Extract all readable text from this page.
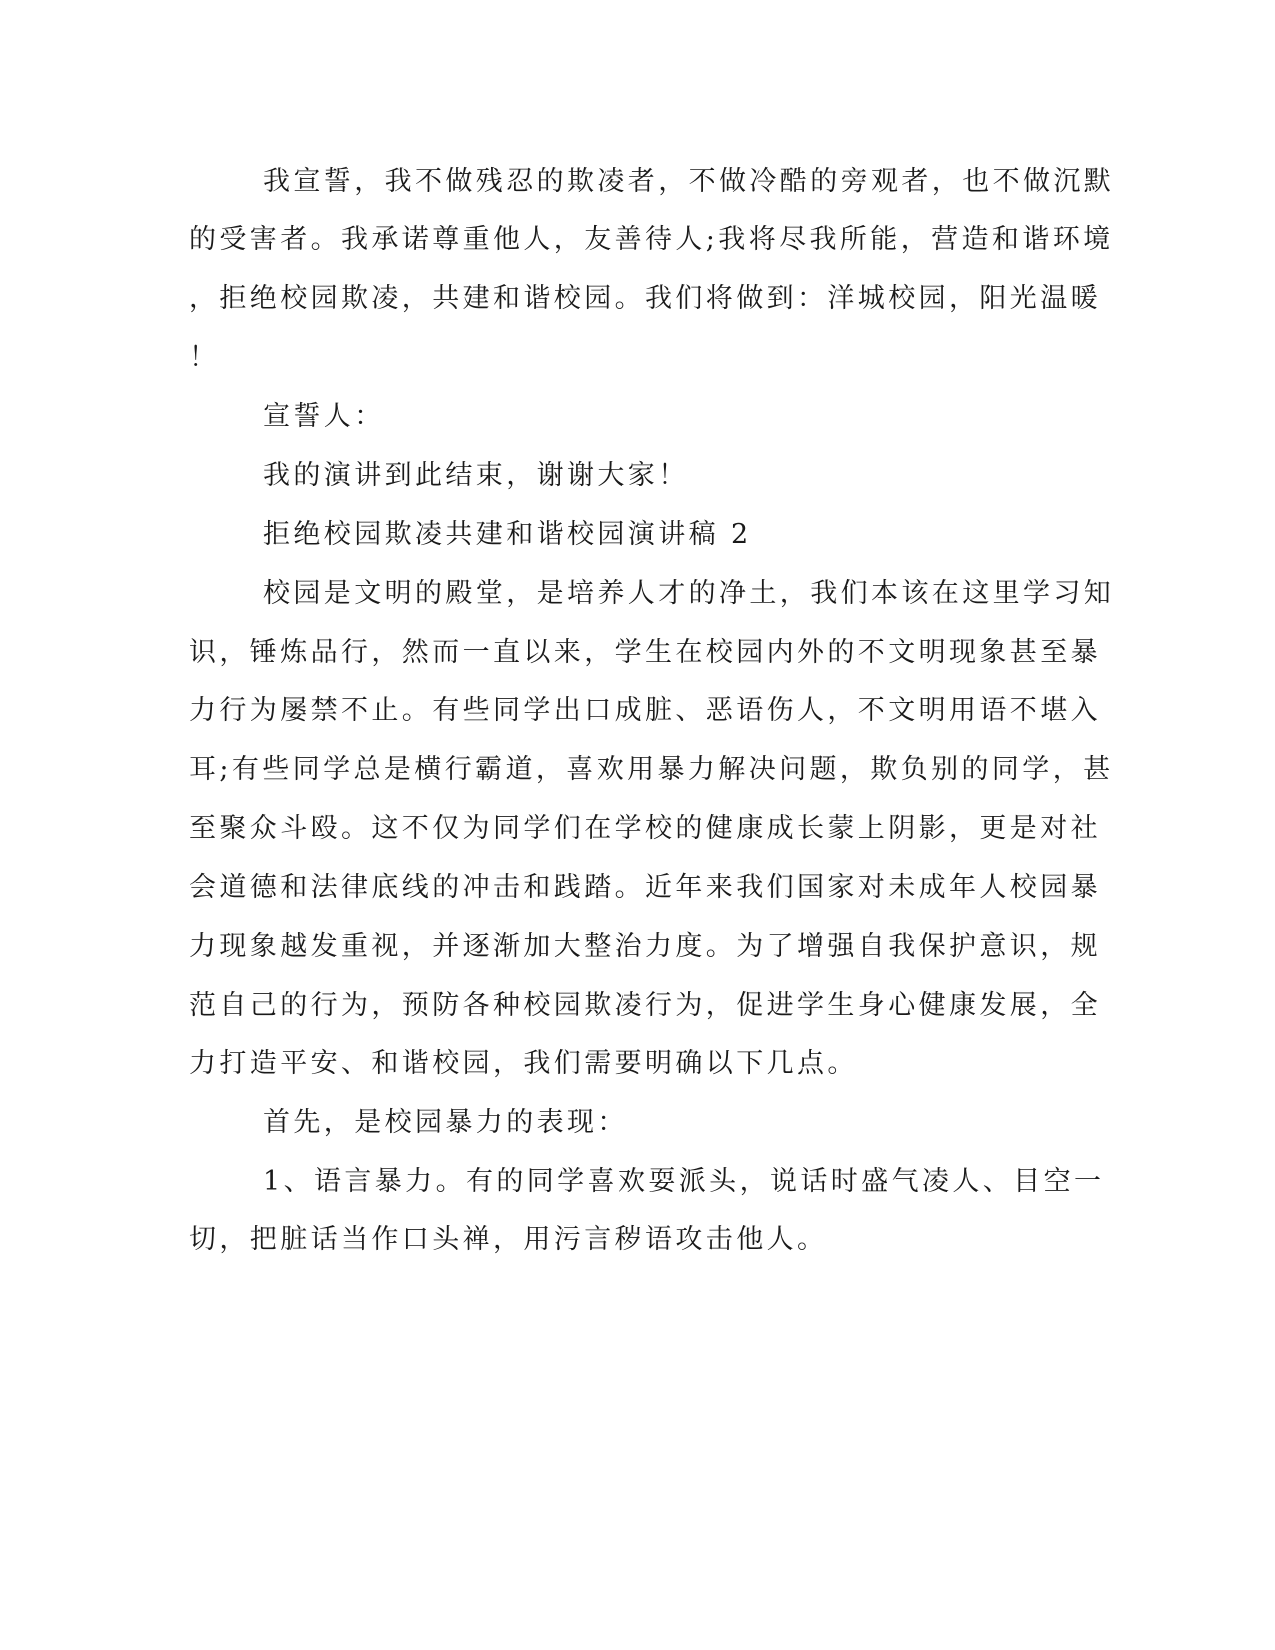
我宣誓，我不做残忍的欺凌者，不做冷酷的旁观者，也不做沉默

的受害者。我承诺尊重他人，友善待人;我将尽我所能，营造和谐环境

，拒绝校园欺凌，共建和谐校园。我们将做到：洋城校园，阳光温暖

！

宣誓人：

我的演讲到此结束，谢谢大家！

拒绝校园欺凌共建和谐校园演讲稿 2

校园是文明的殿堂，是培养人才的净土，我们本该在这里学习知

识，锤炼品行，然而一直以来，学生在校园内外的不文明现象甚至暴

力行为屡禁不止。有些同学出口成脏、恶语伤人，不文明用语不堪入

耳;有些同学总是横行霸道，喜欢用暴力解决问题，欺负别的同学，甚

至聚众斗殴。这不仅为同学们在学校的健康成长蒙上阴影，更是对社

会道德和法律底线的冲击和践踏。近年来我们国家对未成年人校园暴

力现象越发重视，并逐渐加大整治力度。为了增强自我保护意识，规

范自己的行为，预防各种校园欺凌行为，促进学生身心健康发展，全

力打造平安、和谐校园，我们需要明确以下几点。

首先，是校园暴力的表现：

1、语言暴力。有的同学喜欢耍派头，说话时盛气凌人、目空一

切，把脏话当作口头禅，用污言秽语攻击他人。
